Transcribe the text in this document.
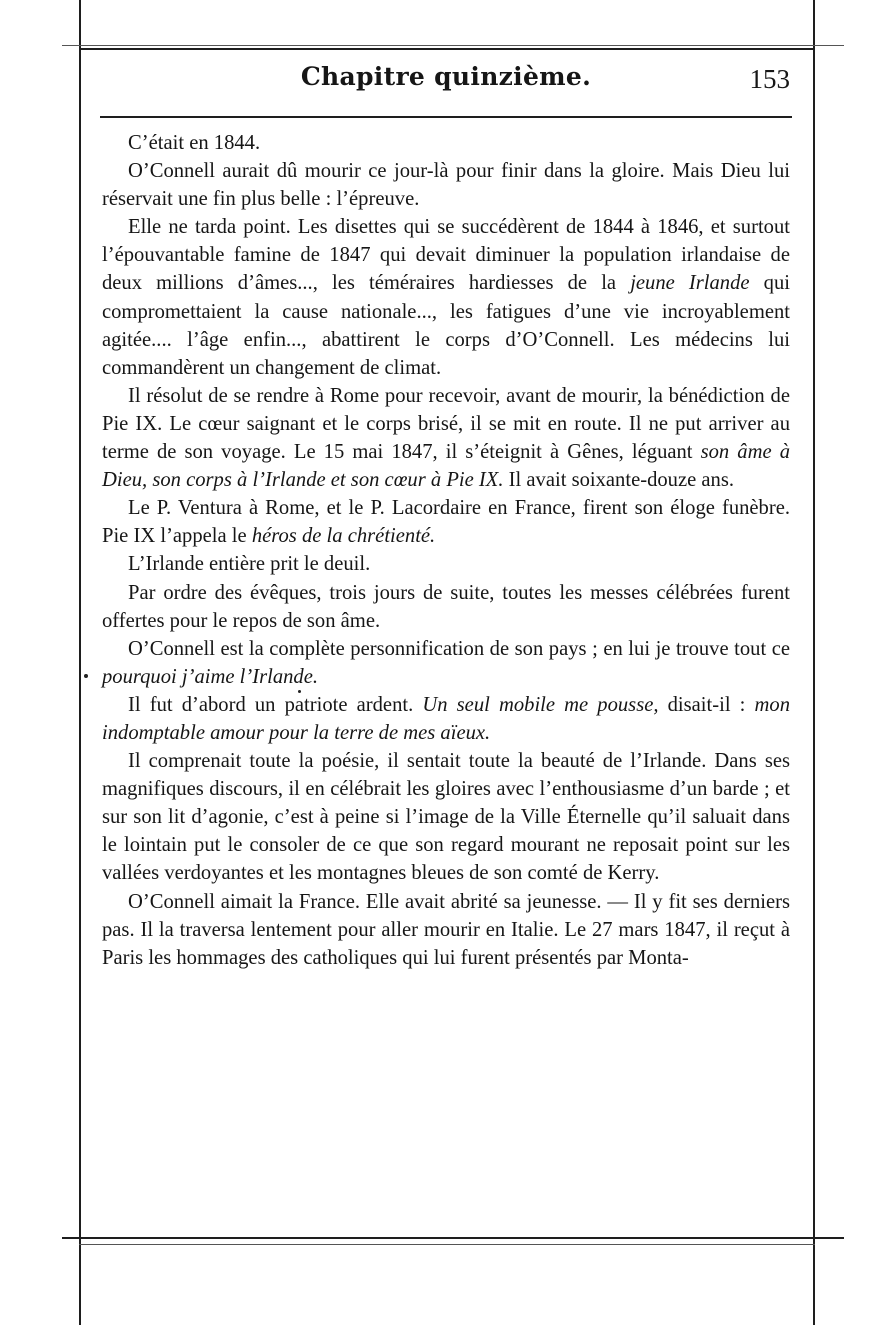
Chapitre quinzième.	153

C’était en 1844.

O’Connell aurait dû mourir ce jour-là pour finir dans la gloire. Mais Dieu lui réservait une fin plus belle : l’épreuve.

Elle ne tarda point. Les disettes qui se succédèrent de 1844 à 1846, et surtout l’épouvantable famine de 1847 qui devait diminuer la population irlandaise de deux millions d’âmes..., les téméraires hardiesses de la jeune Irlande qui compromettaient la cause nationale..., les fatigues d’une vie incroyablement agitée.... l’âge enfin..., abattirent le corps d’O’Connell. Les médecins lui commandèrent un changement de climat.

Il résolut de se rendre à Rome pour recevoir, avant de mourir, la bénédiction de Pie IX. Le cœur saignant et le corps brisé, il se mit en route. Il ne put arriver au terme de son voyage. Le 15 mai 1847, il s’éteignit à Gênes, léguant son âme à Dieu, son corps à l’Irlande et son cœur à Pie IX. Il avait soixante-douze ans.

Le P. Ventura à Rome, et le P. Lacordaire en France, firent son éloge funèbre. Pie IX l’appela le héros de la chrétienté.

L’Irlande entière prit le deuil.

Par ordre des évêques, trois jours de suite, toutes les messes célébrées furent offertes pour le repos de son âme.

O’Connell est la complète personnification de son pays ; en lui je trouve tout ce pourquoi j’aime l’Irlande.

Il fut d’abord un patriote ardent. Un seul mobile me pousse, disait-il : mon indomptable amour pour la terre de mes aïeux.

Il comprenait toute la poésie, il sentait toute la beauté de l’Irlande. Dans ses magnifiques discours, il en célébrait les gloires avec l’enthousiasme d’un barde ; et sur son lit d’agonie, c’est à peine si l’image de la Ville Éternelle qu’il saluait dans le lointain put le consoler de ce que son regard mourant ne reposait point sur les vallées verdoyantes et les montagnes bleues de son comté de Kerry.

O’Connell aimait la France. Elle avait abrité sa jeunesse. — Il y fit ses derniers pas. Il la traversa lentement pour aller mourir en Italie. Le 27 mars 1847, il reçut à Paris les hommages des catholiques qui lui furent présentés par Monta-
